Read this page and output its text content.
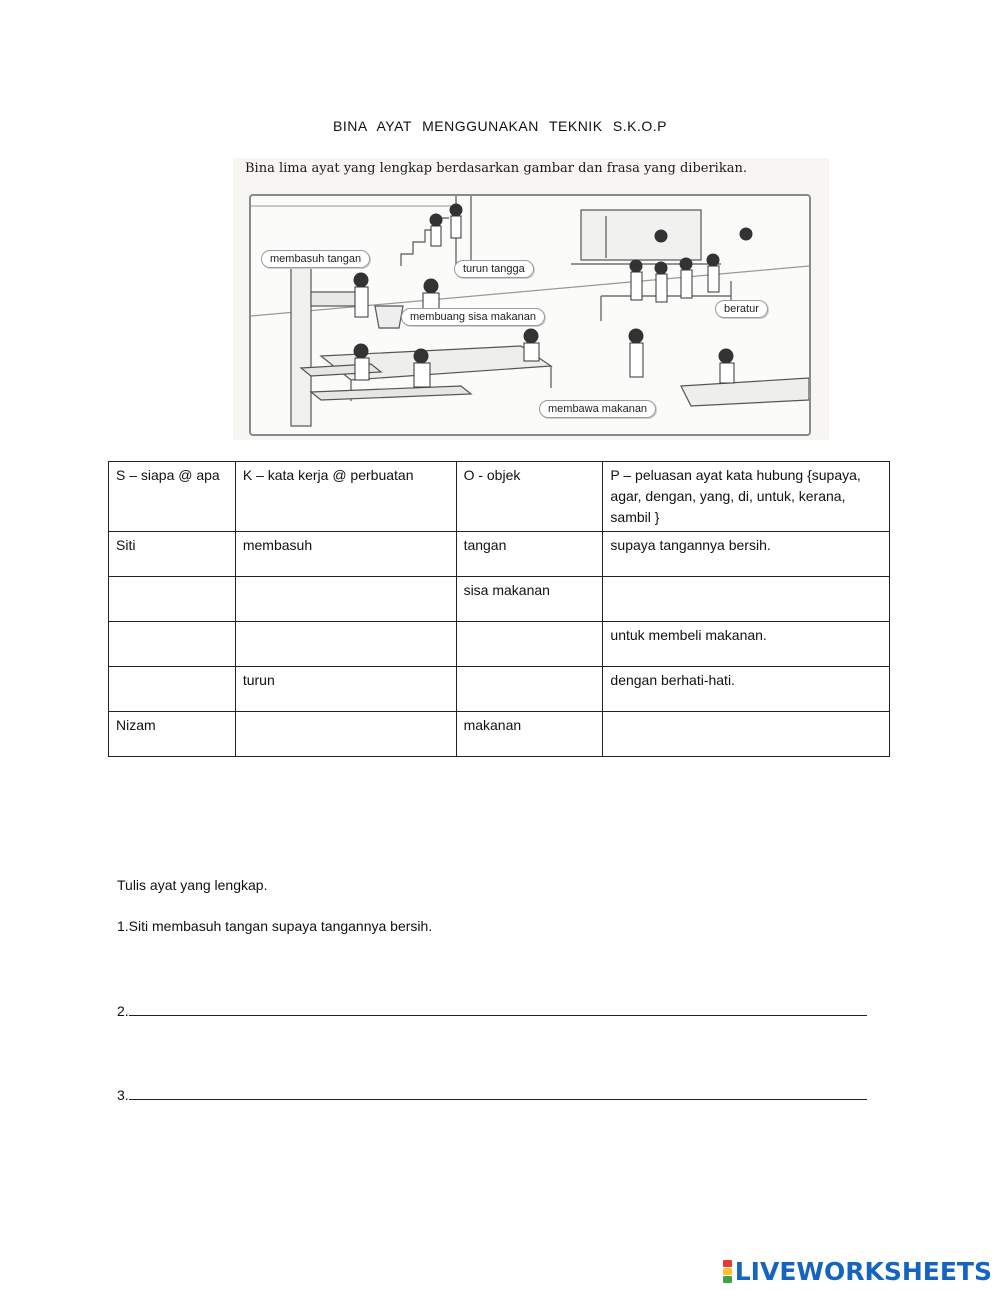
BINA AYAT MENGGUNAKAN TEKNIK S.K.O.P
Bina lima ayat yang lengkap berdasarkan gambar dan frasa yang diberikan.
membasuh tangan
turun tangga
membuang sisa makanan
beratur
membawa makanan
S – siapa @ apa	K – kata kerja @ perbuatan	O - objek	P – peluasan ayat kata hubung {supaya, agar, dengan, yang, di, untuk, kerana, sambil }
Siti	membasuh	tangan	supaya tangannya bersih.
		sisa makanan	
			untuk membeli makanan.
	turun		dengan berhati-hati.
Nizam		makanan	
Tulis ayat yang lengkap.
1.Siti membasuh tangan supaya tangannya bersih.
2.
3.
LIVEWORKSHEETS
